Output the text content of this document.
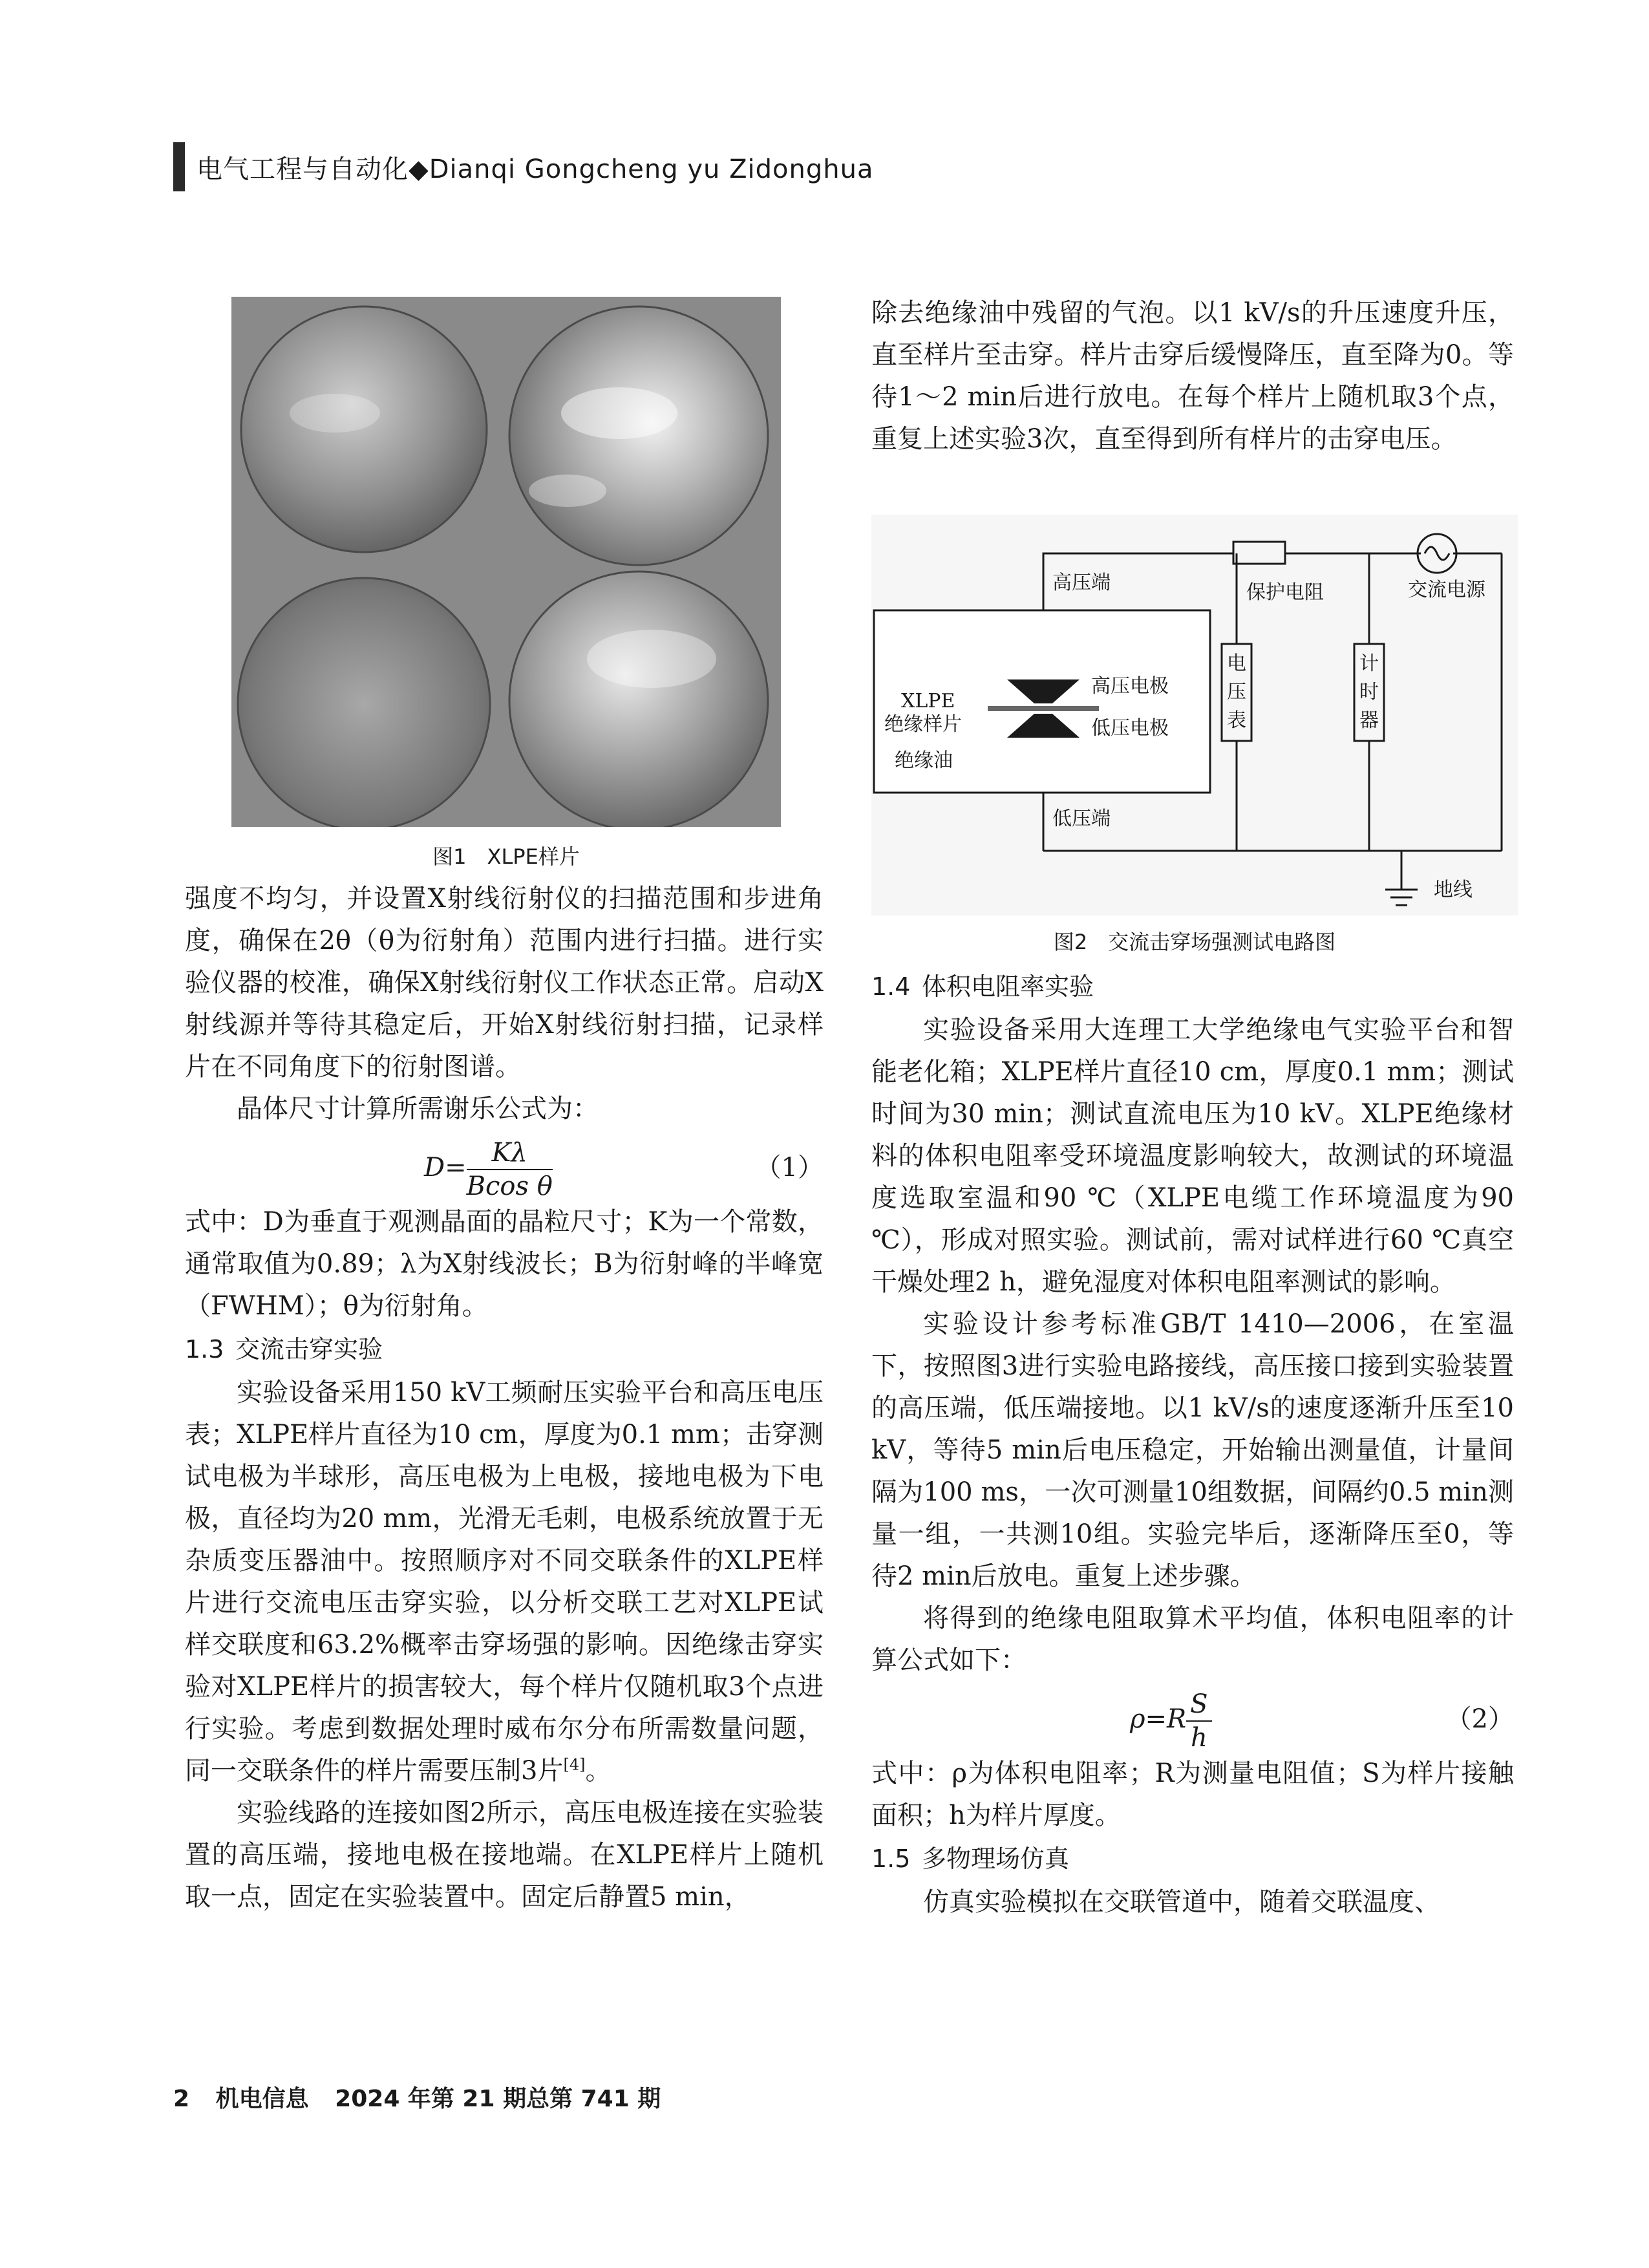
电气工程与自动化◆Dianqi Gongcheng yu Zidonghua
图1　XLPE样片

强度不均匀，并设置X射线衍射仪的扫描范围和步进角度，确保在2θ（θ为衍射角）范围内进行扫描。进行实验仪器的校准，确保X射线衍射仪工作状态正常。启动X射线源并等待其稳定后，开始X射线衍射扫描，记录样片在不同角度下的衍射图谱。

晶体尺寸计算所需谢乐公式为：

$D= \frac{K\lambda}{\text{Bcos θ}}$	（1）

式中：D为垂直于观测晶面的晶粒尺寸；K为一个常数，通常取值为0.89；λ为X射线波长；B为衍射峰的半峰宽（FWHM）；θ为衍射角。

1.3 交流击穿实验

实验设备采用150 kV工频耐压实验平台和高压电压表；XLPE样片直径为10 cm，厚度为0.1 mm；击穿测试电极为半球形，高压电极为上电极，接地电极为下电极，直径均为20 mm，光滑无毛刺，电极系统放置于无杂质变压器油中。按照顺序对不同交联条件的XLPE样片进行交流电压击穿实验，以分析交联工艺对XLPE试样交联度和63.2%概率击穿场强的影响。因绝缘击穿实验对XLPE样片的损害较大，每个样片仅随机取3个点进行实验。考虑到数据处理时威布尔分布所需数量问题，同一交联条件的样片需要压制3片[4]。

实验线路的连接如图2所示，高压电极连接在实验装置的高压端，接地电极在接地端。在XLPE样片上随机取一点，固定在实验装置中。固定后静置5 min，

除去绝缘油中残留的气泡。以1 kV/s的升压速度升压，直至样片至击穿。样片击穿后缓慢降压，直至降为0。等待1～2 min后进行放电。在每个样片上随机取3个点，重复上述实验3次，直至得到所有样片的击穿电压。

高压端	保护电阻	交流电源
高压电极
XLPE
绝缘样片	低压电极
绝缘油
低压端
电
压
表
计
时
器
地线
图2　交流击穿场强测试电路图
1.4 体积电阻率实验

实验设备采用大连理工大学绝缘电气实验平台和智能老化箱；XLPE样片直径10 cm，厚度0.1 mm；测试时间为30 min；测试直流电压为10 kV。XLPE绝缘材料的体积电阻率受环境温度影响较大，故测试的环境温度选取室温和90 ℃（XLPE电缆工作环境温度为90 ℃），形成对照实验。测试前，需对试样进行60 ℃真空干燥处理2 h，避免湿度对体积电阻率测试的影响。

实验设计参考标准GB/T 1410—2006，在室温下，按照图3进行实验电路接线，高压接口接到实验装置的高压端，低压端接地。以1 kV/s的速度逐渐升压至10 kV，等待5 min后电压稳定，开始输出测量值，计量间隔为100 ms，一次可测量10组数据，间隔约0.5 min测量一组，一共测10组。实验完毕后，逐渐降压至0，等待2 min后放电。重复上述步骤。

将得到的绝缘电阻取算术平均值，体积电阻率的计算公式如下：

$\rho=R \frac{S}{h}$	（2）

式中：ρ为体积电阻率；R为测量电阻值；S为样片接触面积；h为样片厚度。

1.5 多物理场仿真

仿真实验模拟在交联管道中，随着交联温度、

2 机电信息 2024 年第 21 期总第 741 期
